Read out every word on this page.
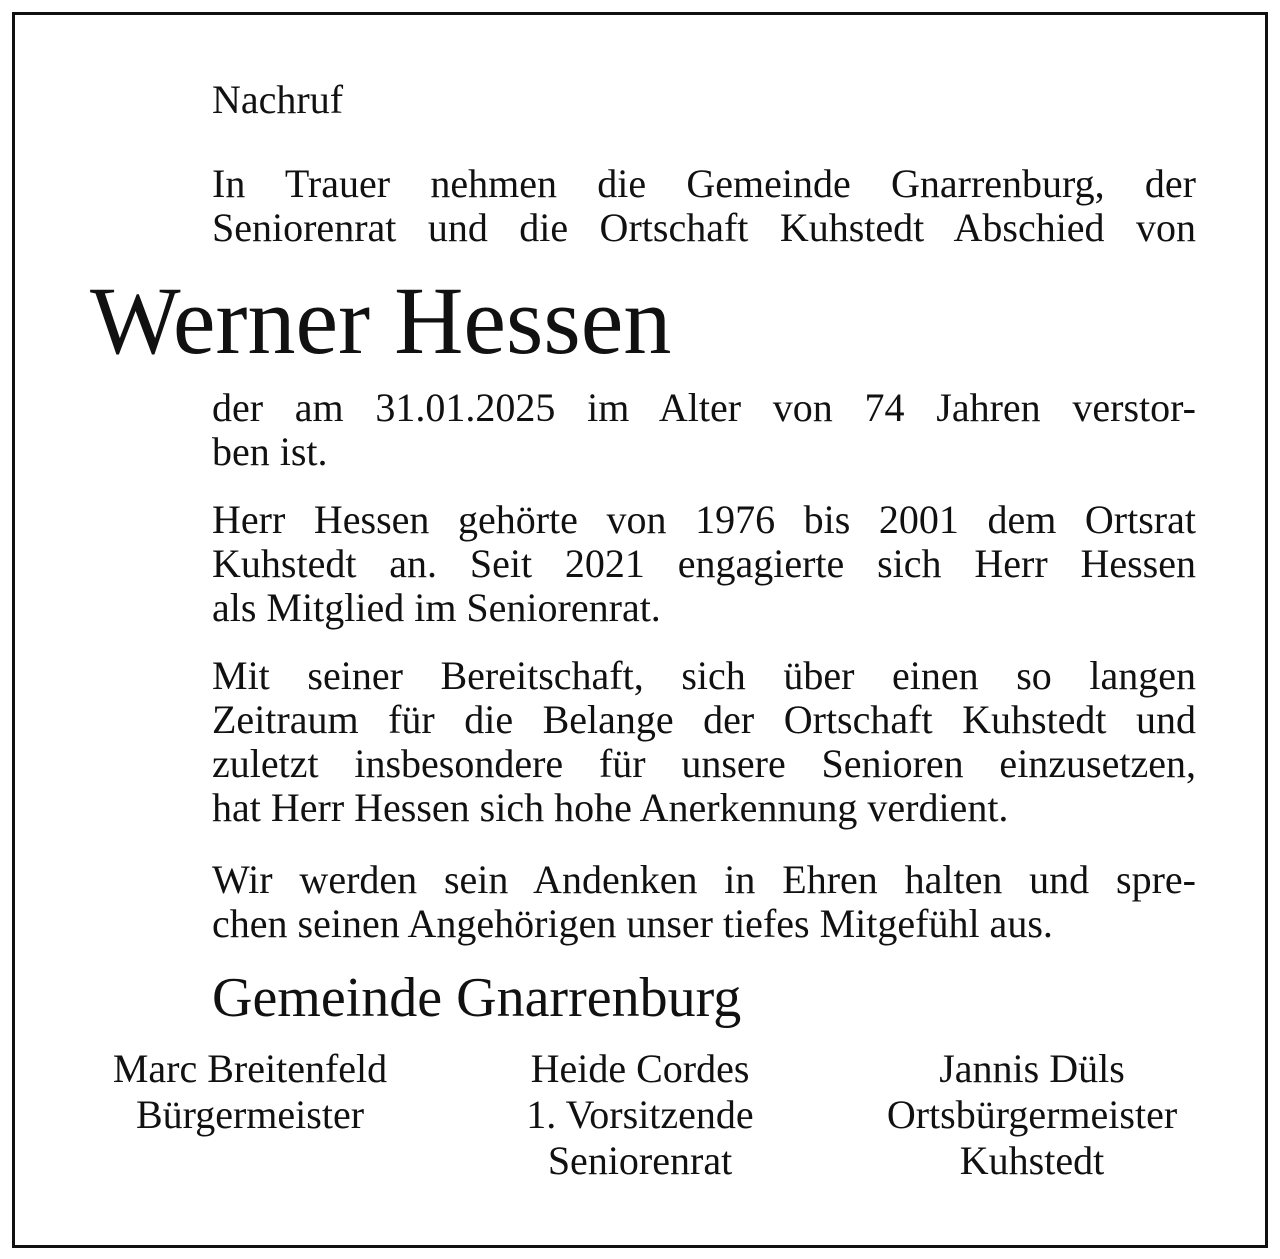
Nachruf
In Trauer nehmen die Gemeinde Gnarrenburg, der
Seniorenrat und die Ortschaft Kuhstedt Abschied von
Werner Hessen
der am 31.01.2025 im Alter von 74 Jahren verstor-
ben ist.
Herr Hessen gehörte von 1976 bis 2001 dem Ortsrat
Kuhstedt an. Seit 2021 engagierte sich Herr Hessen
als Mitglied im Seniorenrat.
Mit seiner Bereitschaft, sich über einen so langen
Zeitraum für die Belange der Ortschaft Kuhstedt und
zuletzt insbesondere für unsere Senioren einzusetzen,
hat Herr Hessen sich hohe Anerkennung verdient.
Wir werden sein Andenken in Ehren halten und spre-
chen seinen Angehörigen unser tiefes Mitgefühl aus.
Gemeinde Gnarrenburg
Marc Breitenfeld
Bürgermeister
Heide Cordes
1. Vorsitzende
Seniorenrat
Jannis Düls
Ortsbürgermeister
Kuhstedt
